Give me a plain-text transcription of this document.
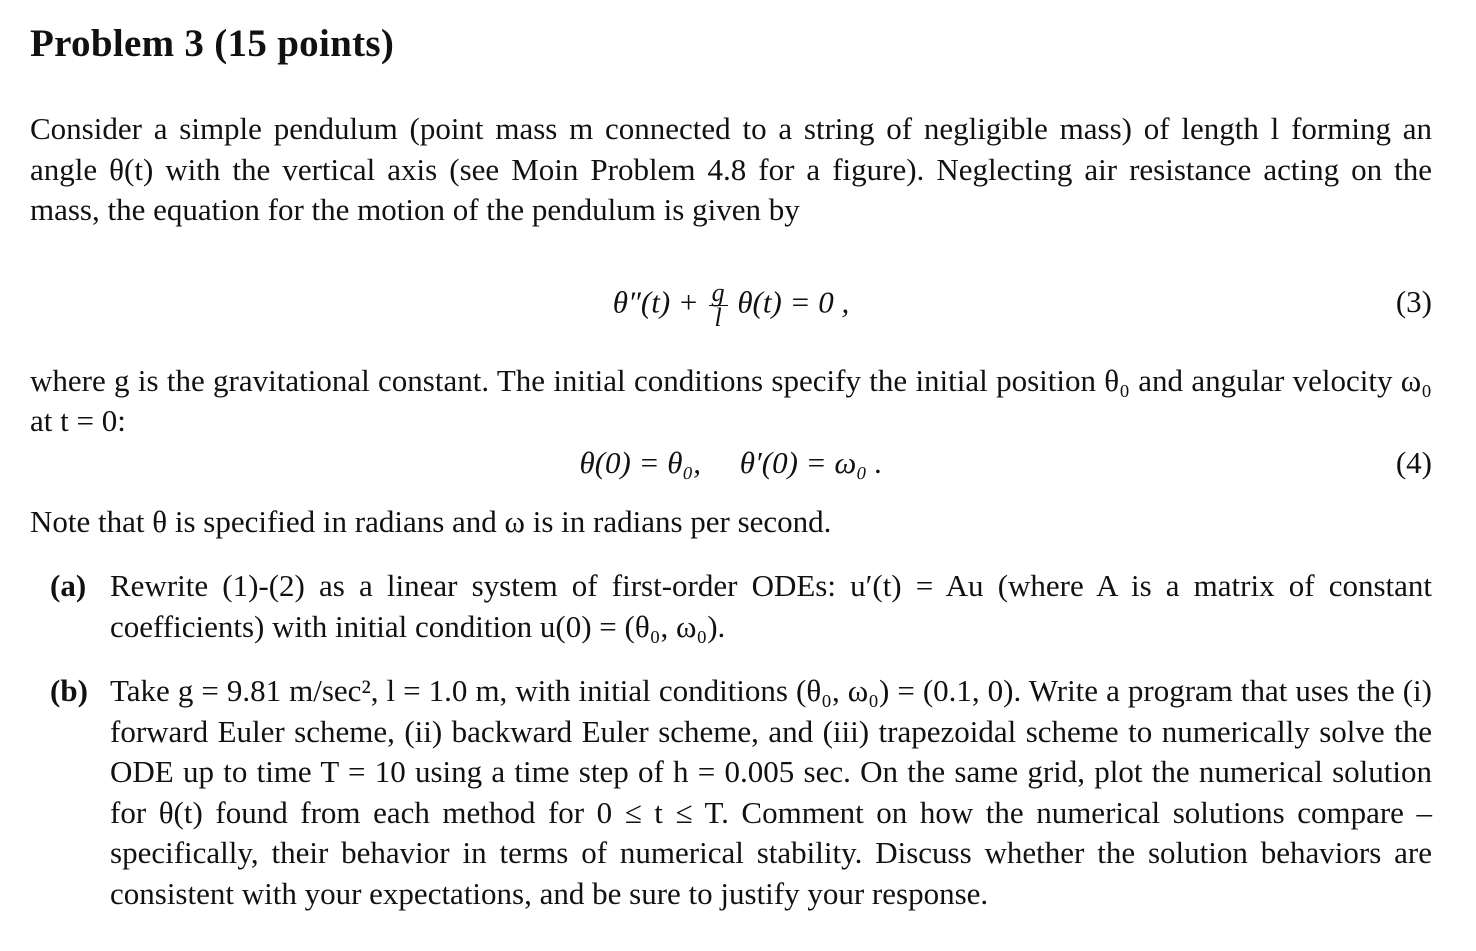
Problem 3 (15 points)

Consider a simple pendulum (point mass m connected to a string of negligible mass) of length l forming an angle θ(t) with the vertical axis (see Moin Problem 4.8 for a figure). Neglecting air resistance acting on the mass, the equation for the motion of the pendulum is given by

$\theta''(t) + \frac{g}{l} \theta(t) = 0$ ,	(3)

where g is the gravitational constant. The initial conditions specify the initial position θ₀ and angular velocity ω₀ at t = 0:

θ(0) = θ₀,     θ′(0) = ω₀ .	(4)

Note that θ is specified in radians and ω is in radians per second.

(a) Rewrite (1)-(2) as a linear system of first-order ODEs: u′(t) = Au (where A is a matrix of constant coefficients) with initial condition u(0) = (θ₀, ω₀).
(b) Take g = 9.81 m/sec², l = 1.0 m, with initial conditions (θ₀, ω₀) = (0.1, 0). Write a program that uses the (i) forward Euler scheme, (ii) backward Euler scheme, and (iii) trapezoidal scheme to numerically solve the ODE up to time T = 10 using a time step of h = 0.005 sec. On the same grid, plot the numerical solution for θ(t) found from each method for 0 ≤ t ≤ T. Comment on how the numerical solutions compare – specifically, their behavior in terms of numerical stability. Discuss whether the solution behaviors are consistent with your expectations, and be sure to justify your response.
